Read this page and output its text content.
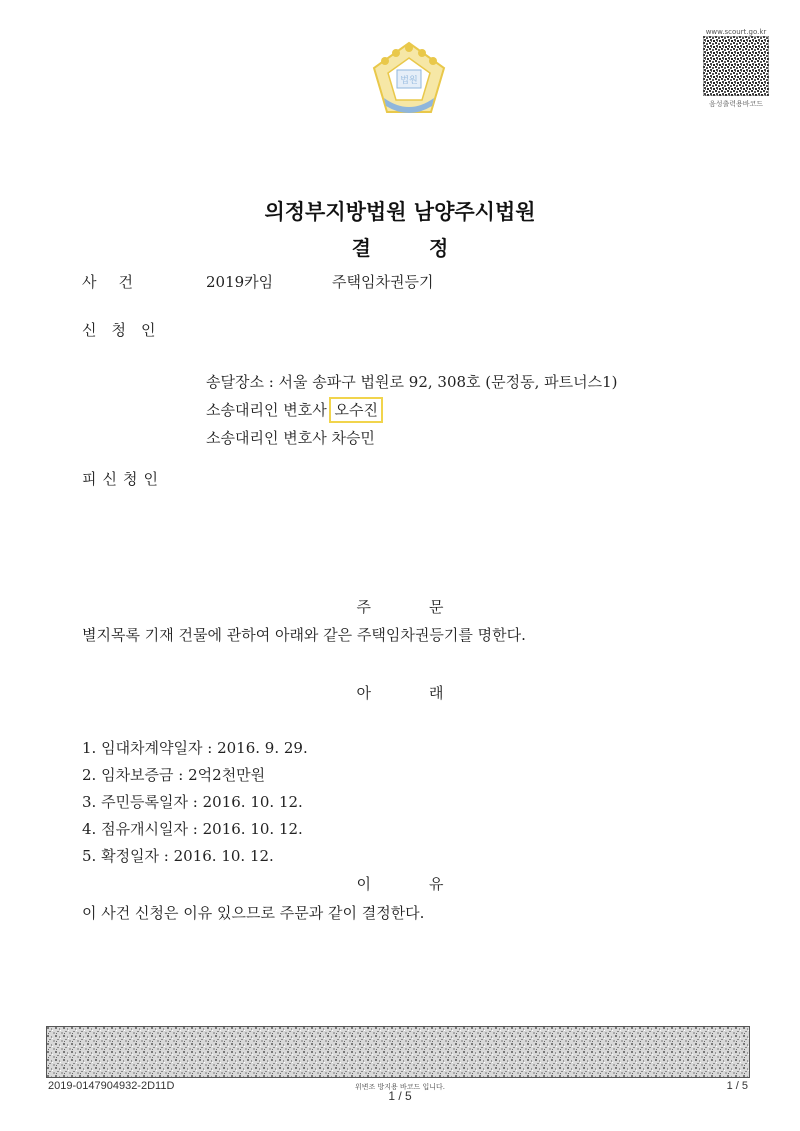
법원
www.scourt.go.kr
음성출력용바코드
의정부지방법원 남양주시법원
결정
사건	2019카임	주택임차권등기
신청인
송달장소 : 서울 송파구 법원로 92, 308호 (문정동, 파트너스1)
소송대리인 변호사 오수진
소송대리인 변호사 차승민
피신청인
주문
별지목록 기재 건물에 관하여 아래와 같은 주택임차권등기를 명한다.
아래
1. 임대차계약일자 : 2016. 9. 29.
2. 임차보증금 : 2억2천만원
3. 주민등록일자 : 2016. 10. 12.
4. 점유개시일자 : 2016. 10. 12.
5. 확정일자 : 2016. 10. 12.
이유
이 사건 신청은 이유 있으므로 주문과 같이 결정한다.
2019-0147904932-2D11D	위변조 방지용 바코드 입니다.
1 / 5
1 / 5
